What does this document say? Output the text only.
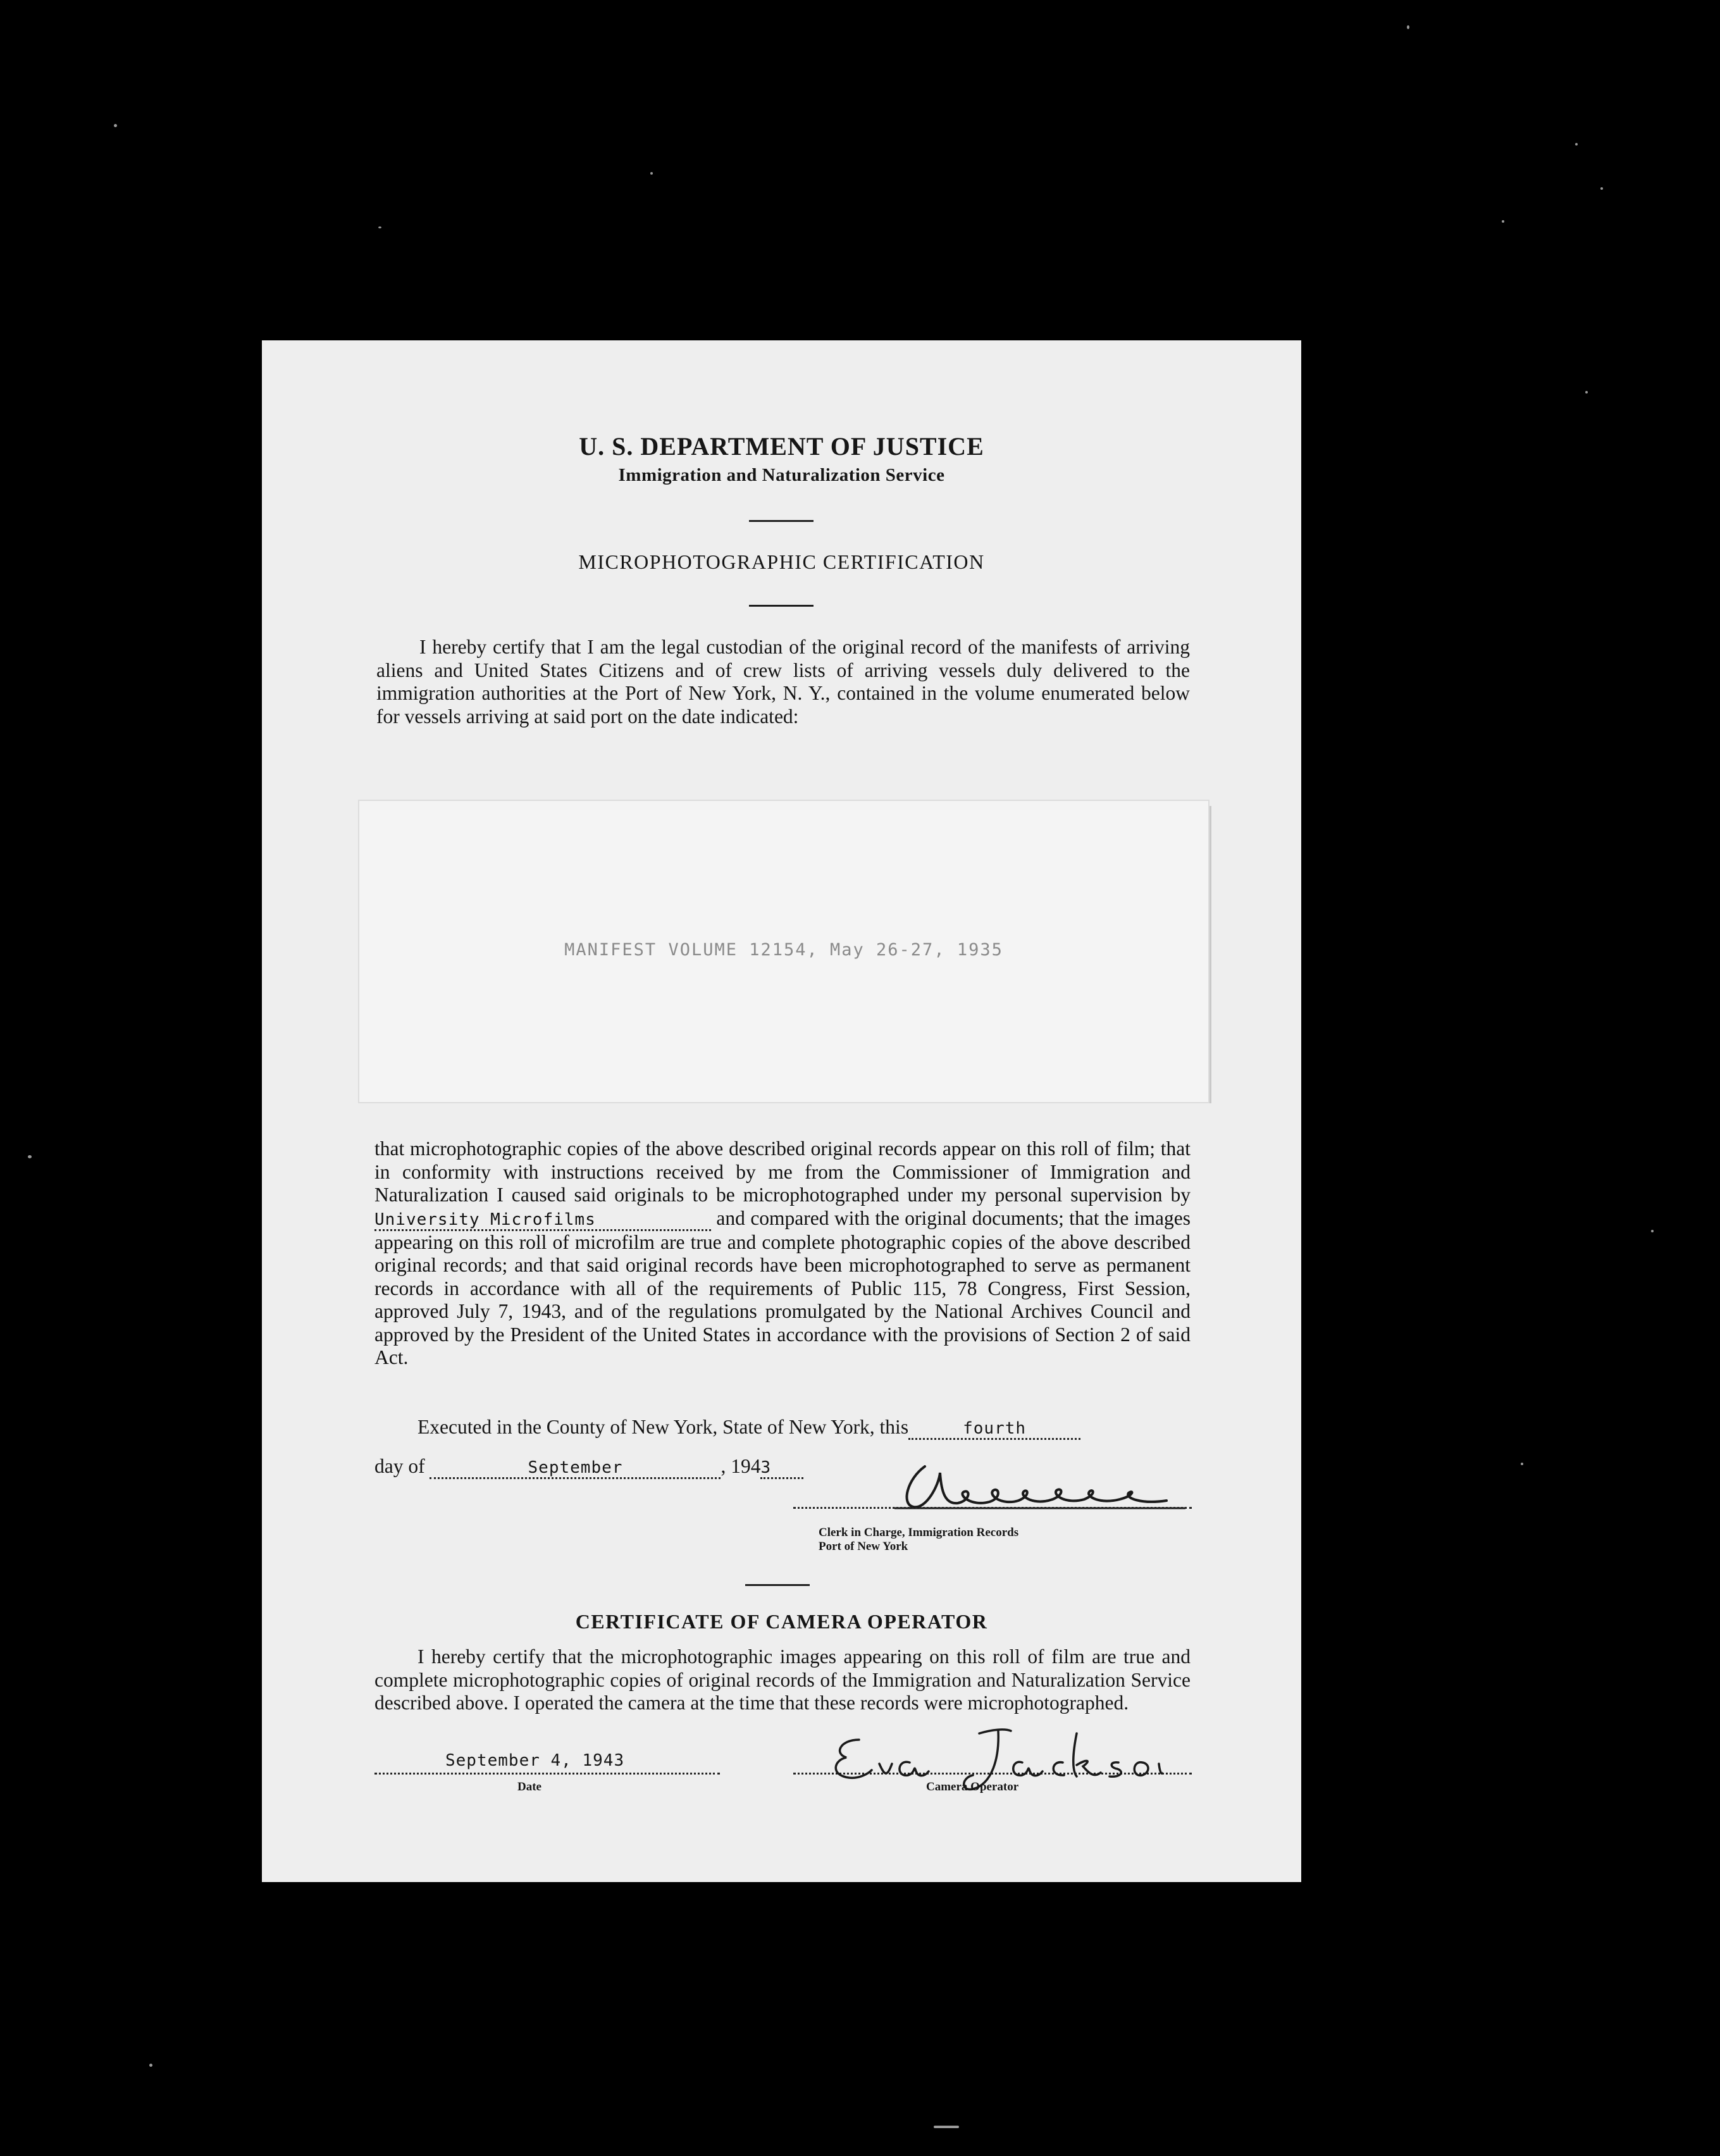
U. S. DEPARTMENT OF JUSTICE
Immigration and Naturalization Service
MICROPHOTOGRAPHIC CERTIFICATION
I hereby certify that I am the legal custodian of the original record of the manifests of arriving aliens and United States Citizens and of crew lists of arriving vessels duly delivered to the immigration authorities at the Port of New York, N. Y., contained in the volume enumerated below for vessels arriving at said port on the date indicated:
MANIFEST VOLUME 12154, May 26-27, 1935
that microphotographic copies of the above described original records appear on this roll of film; that in conformity with instructions received by me from the Commissioner of Immigration and Naturalization I caused said originals to be microphotographed under my personal supervision byUniversity Microfilms	and compared with the original documents; that the images appearing on this roll of microfilm are true and complete photographic copies of the above described original records; and that said original records have been microphotographed to serve as permanent records in accordance with all of the requirements of Public 115, 78 Congress, First Session, approved July 7, 1943, and of the regulations promulgated by the National Archives Council and approved by the President of the United States in accordance with the provisions of Section 2 of said Act.
Executed in the County of New York, State of New York, this	fourth
day of	September	, 1943
Clerk in Charge, Immigration Records
Port of New York
CERTIFICATE OF CAMERA OPERATOR
I hereby certify that the microphotographic images appearing on this roll of film are true and complete microphotographic copies of original records of the Immigration and Naturalization Service described above. I operated the camera at the time that these records were microphotographed.
September 4, 1943
Date	Camera Operator
